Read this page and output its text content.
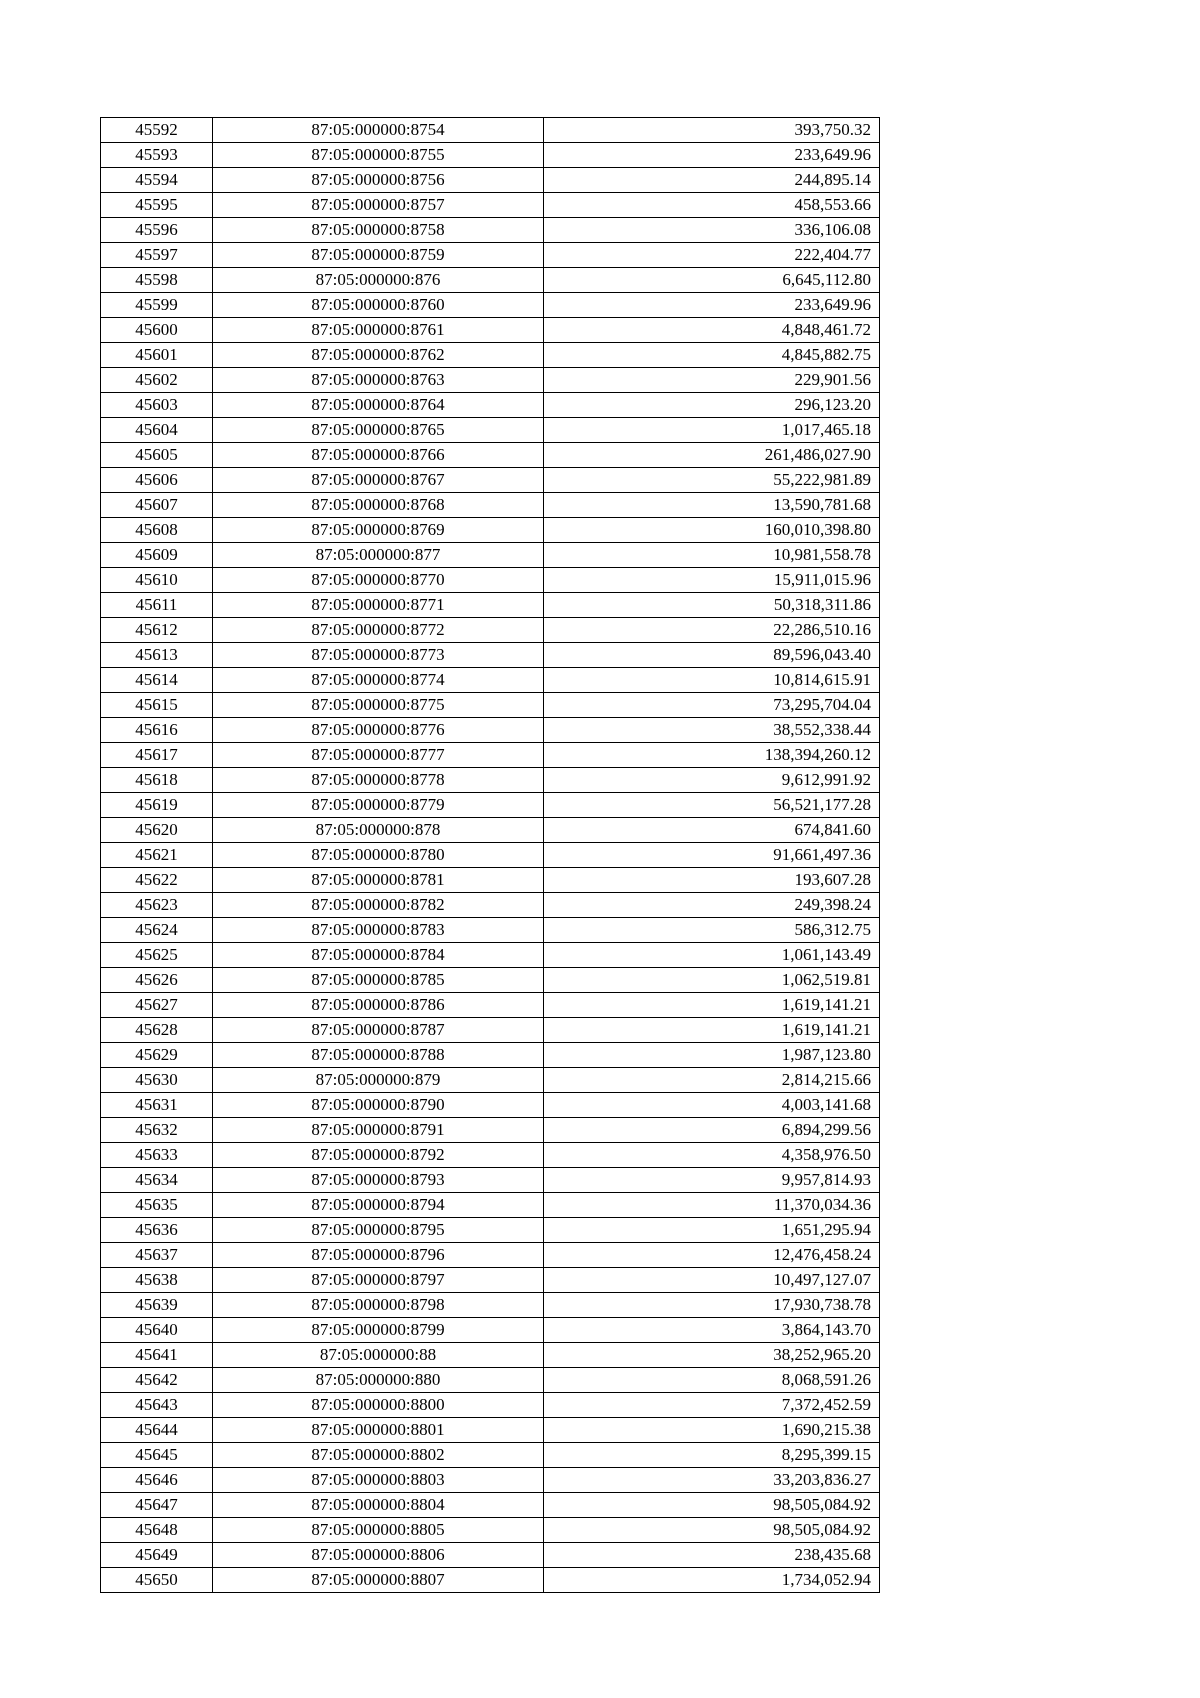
45592	87:05:000000:8754	393,750.32
45593	87:05:000000:8755	233,649.96
45594	87:05:000000:8756	244,895.14
45595	87:05:000000:8757	458,553.66
45596	87:05:000000:8758	336,106.08
45597	87:05:000000:8759	222,404.77
45598	87:05:000000:876	6,645,112.80
45599	87:05:000000:8760	233,649.96
45600	87:05:000000:8761	4,848,461.72
45601	87:05:000000:8762	4,845,882.75
45602	87:05:000000:8763	229,901.56
45603	87:05:000000:8764	296,123.20
45604	87:05:000000:8765	1,017,465.18
45605	87:05:000000:8766	261,486,027.90
45606	87:05:000000:8767	55,222,981.89
45607	87:05:000000:8768	13,590,781.68
45608	87:05:000000:8769	160,010,398.80
45609	87:05:000000:877	10,981,558.78
45610	87:05:000000:8770	15,911,015.96
45611	87:05:000000:8771	50,318,311.86
45612	87:05:000000:8772	22,286,510.16
45613	87:05:000000:8773	89,596,043.40
45614	87:05:000000:8774	10,814,615.91
45615	87:05:000000:8775	73,295,704.04
45616	87:05:000000:8776	38,552,338.44
45617	87:05:000000:8777	138,394,260.12
45618	87:05:000000:8778	9,612,991.92
45619	87:05:000000:8779	56,521,177.28
45620	87:05:000000:878	674,841.60
45621	87:05:000000:8780	91,661,497.36
45622	87:05:000000:8781	193,607.28
45623	87:05:000000:8782	249,398.24
45624	87:05:000000:8783	586,312.75
45625	87:05:000000:8784	1,061,143.49
45626	87:05:000000:8785	1,062,519.81
45627	87:05:000000:8786	1,619,141.21
45628	87:05:000000:8787	1,619,141.21
45629	87:05:000000:8788	1,987,123.80
45630	87:05:000000:879	2,814,215.66
45631	87:05:000000:8790	4,003,141.68
45632	87:05:000000:8791	6,894,299.56
45633	87:05:000000:8792	4,358,976.50
45634	87:05:000000:8793	9,957,814.93
45635	87:05:000000:8794	11,370,034.36
45636	87:05:000000:8795	1,651,295.94
45637	87:05:000000:8796	12,476,458.24
45638	87:05:000000:8797	10,497,127.07
45639	87:05:000000:8798	17,930,738.78
45640	87:05:000000:8799	3,864,143.70
45641	87:05:000000:88	38,252,965.20
45642	87:05:000000:880	8,068,591.26
45643	87:05:000000:8800	7,372,452.59
45644	87:05:000000:8801	1,690,215.38
45645	87:05:000000:8802	8,295,399.15
45646	87:05:000000:8803	33,203,836.27
45647	87:05:000000:8804	98,505,084.92
45648	87:05:000000:8805	98,505,084.92
45649	87:05:000000:8806	238,435.68
45650	87:05:000000:8807	1,734,052.94
